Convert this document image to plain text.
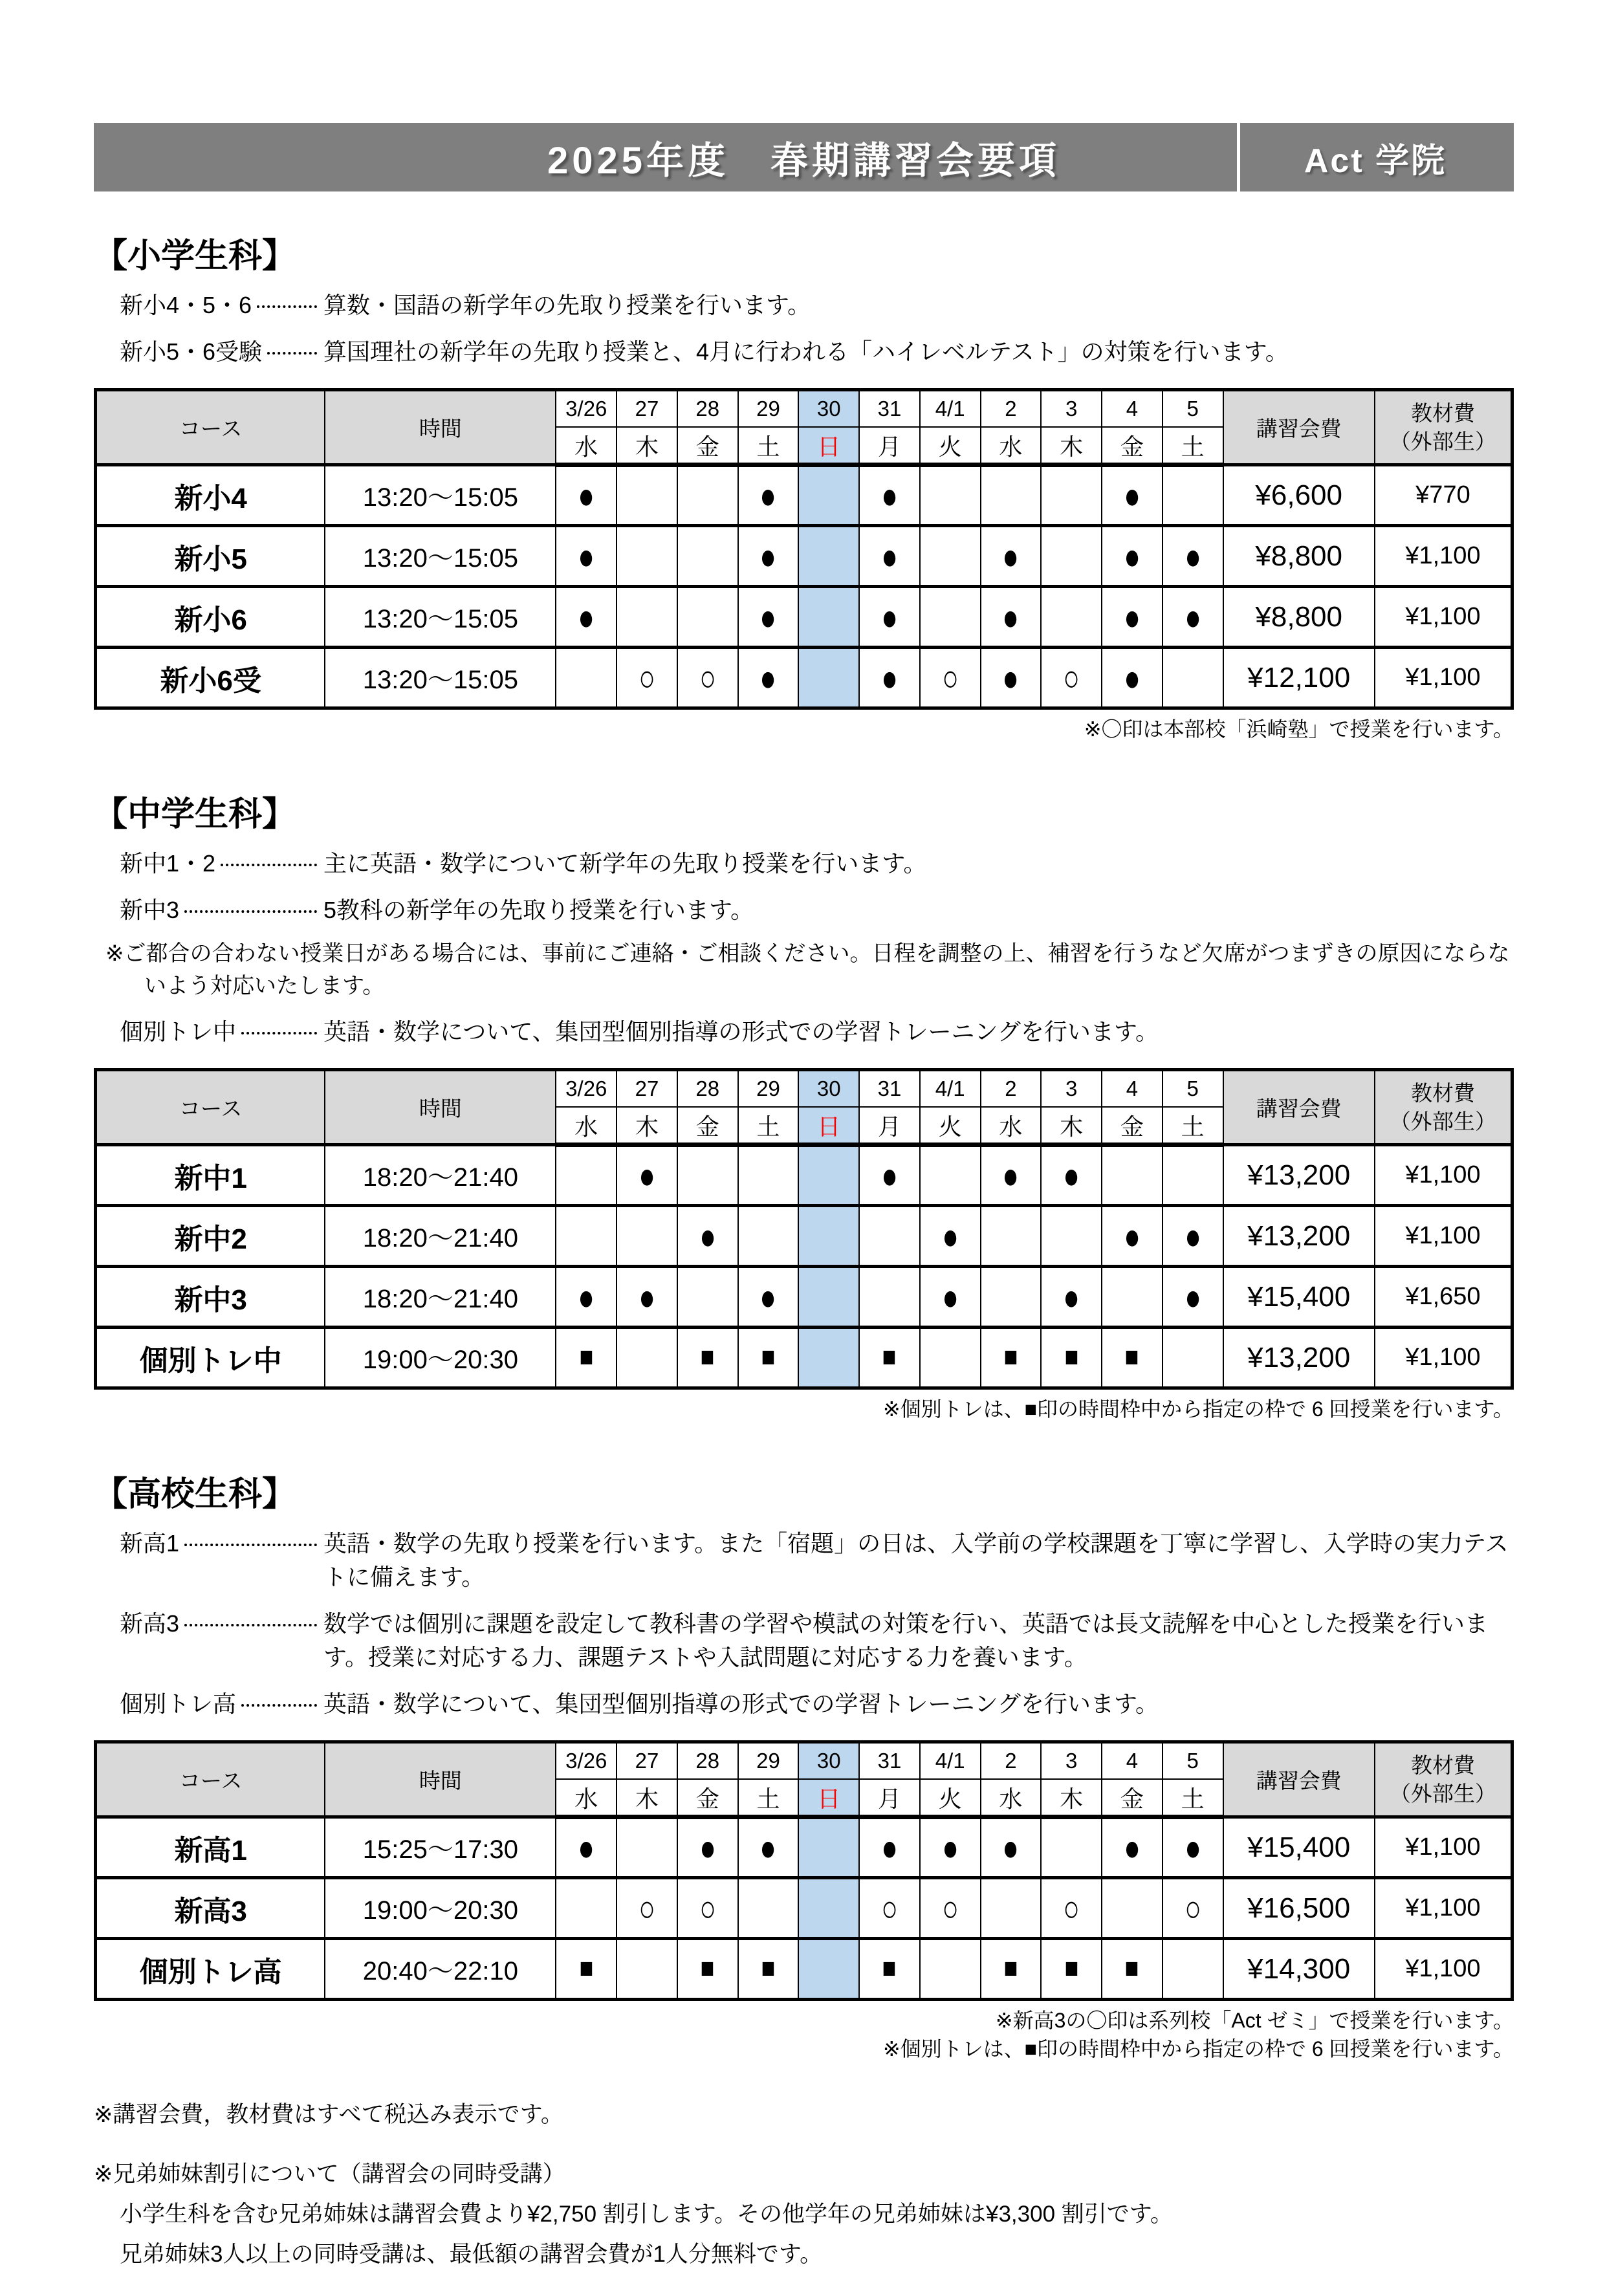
2025年度　春期講習会要項	Act 学院
【小学生科】
新小4・5・6	算数・国語の新学年の先取り授業を行います。
新小5・6受験	算国理社の新学年の先取り授業と、4月に行われる「ハイレベルテスト」の対策を行います。
コース	時間	3/26	27	28	29	30	31	4/1	2	3	4	5	講習会費	教材費
（外部生）
		水	木	金	土	日	月	火	水	木	金	土		
新小4	13:20～15:05	●			●		●				●		¥6,600	¥770
新小5	13:20～15:05	●			●		●		●		●	●	¥8,800	¥1,100
新小6	13:20～15:05	●			●		●		●		●	●	¥8,800	¥1,100
新小6受	13:20～15:05		○	○	●		●	○	●	○	●		¥12,100	¥1,100
※〇印は本部校「浜崎塾」で授業を行います。
【中学生科】
新中1・2	主に英語・数学について新学年の先取り授業を行います。
新中3	5教科の新学年の先取り授業を行います。
※ご都合の合わない授業日がある場合には、事前にご連絡・ご相談ください。日程を調整の上、補習を行うなど欠席がつまずきの原因にならないよう対応いたします。
個別トレ中	英語・数学について、集団型個別指導の形式での学習トレーニングを行います。
コース	時間	3/26	27	28	29	30	31	4/1	2	3	4	5	講習会費	教材費
（外部生）
		水	木	金	土	日	月	火	水	木	金	土		
新中1	18:20～21:40		●				●		●	●			¥13,200	¥1,100
新中2	18:20～21:40			●				●			●	●	¥13,200	¥1,100
新中3	18:20～21:40	●	●		●			●		●		●	¥15,400	¥1,650
個別トレ中	19:00～20:30	■		■	■		■		■	■	■		¥13,200	¥1,100
※個別トレは、■印の時間枠中から指定の枠で 6 回授業を行います。
【高校生科】
新高1	英語・数学の先取り授業を行います。また「宿題」の日は、入学前の学校課題を丁寧に学習し、入学時の実力テストに備えます。
新高3	数学では個別に課題を設定して教科書の学習や模試の対策を行い、英語では長文読解を中心とした授業を行います。授業に対応する力、課題テストや入試問題に対応する力を養います。
個別トレ高	英語・数学について、集団型個別指導の形式での学習トレーニングを行います。
コース	時間	3/26	27	28	29	30	31	4/1	2	3	4	5	講習会費	教材費
（外部生）
		水	木	金	土	日	月	火	水	木	金	土		
新高1	15:25～17:30	●		●	●		●	●	●		●	●	¥15,400	¥1,100
新高3	19:00～20:30		○	○			○	○		○		○	¥16,500	¥1,100
個別トレ高	20:40～22:10	■		■	■		■		■	■	■		¥14,300	¥1,100
※新高3の〇印は系列校「Act ゼミ」で授業を行います。
※個別トレは、■印の時間枠中から指定の枠で 6 回授業を行います。
※講習会費，教材費はすべて税込み表示です。
※兄弟姉妹割引について（講習会の同時受講）
小学生科を含む兄弟姉妹は講習会費より¥2,750 割引します。その他学年の兄弟姉妹は¥3,300 割引です。
兄弟姉妹3人以上の同時受講は、最低額の講習会費が1人分無料です。
